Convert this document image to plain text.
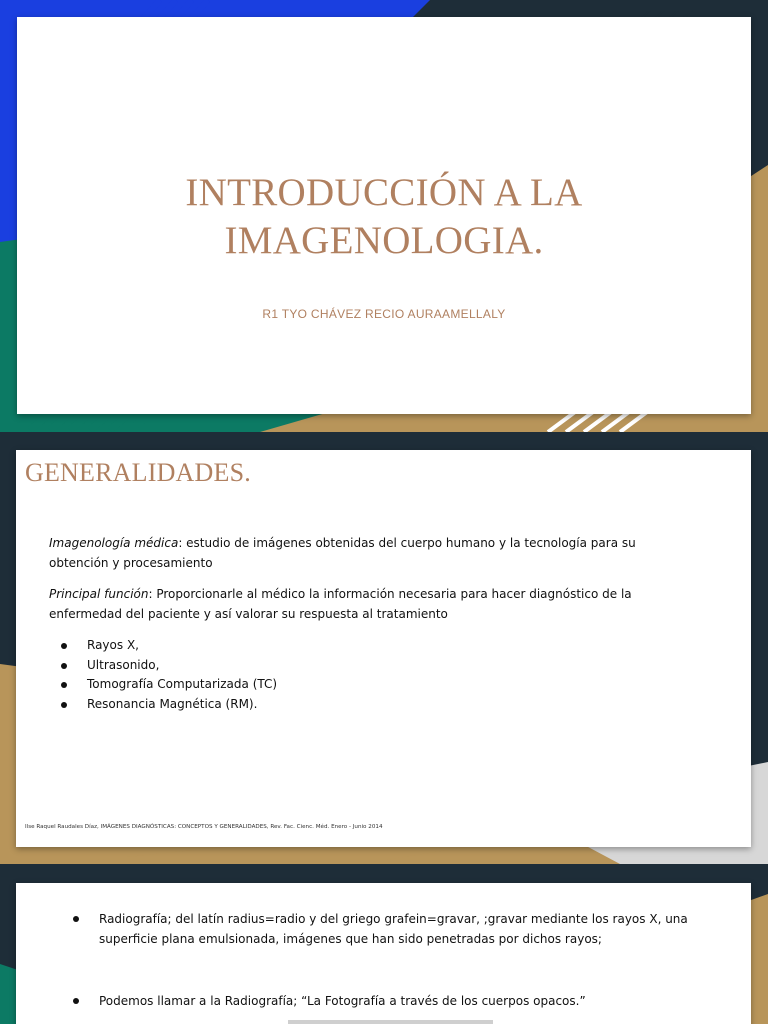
INTRODUCCIÓN A LA
IMAGENOLOGIA.
R1 TYO CHÁVEZ RECIO AURAAMELLALY
GENERALIDADES.
Imagenología médica: estudio de imágenes obtenidas del cuerpo humano y la tecnología para su obtención y procesamiento
Principal función: Proporcionarle al médico la información necesaria para hacer diagnóstico de la enfermedad del paciente y así valorar su respuesta al tratamiento
Rayos X,
Ultrasonido,
Tomografía Computarizada (TC)
Resonancia Magnética (RM).
Ilse Raquel Raudales Díaz, IMÁGENES DIAGNÓSTICAS: CONCEPTOS Y GENERALIDADES, Rev. Fac. Cienc. Méd. Enero - Junio 2014
Radiografía; del latín radius=radio y del griego grafein=gravar, ;gravar mediante los rayos X, una superficie plana emulsionada, imágenes que han sido penetradas por dichos rayos;
Podemos llamar a la Radiografía; “La Fotografía a través de los cuerpos opacos.”
